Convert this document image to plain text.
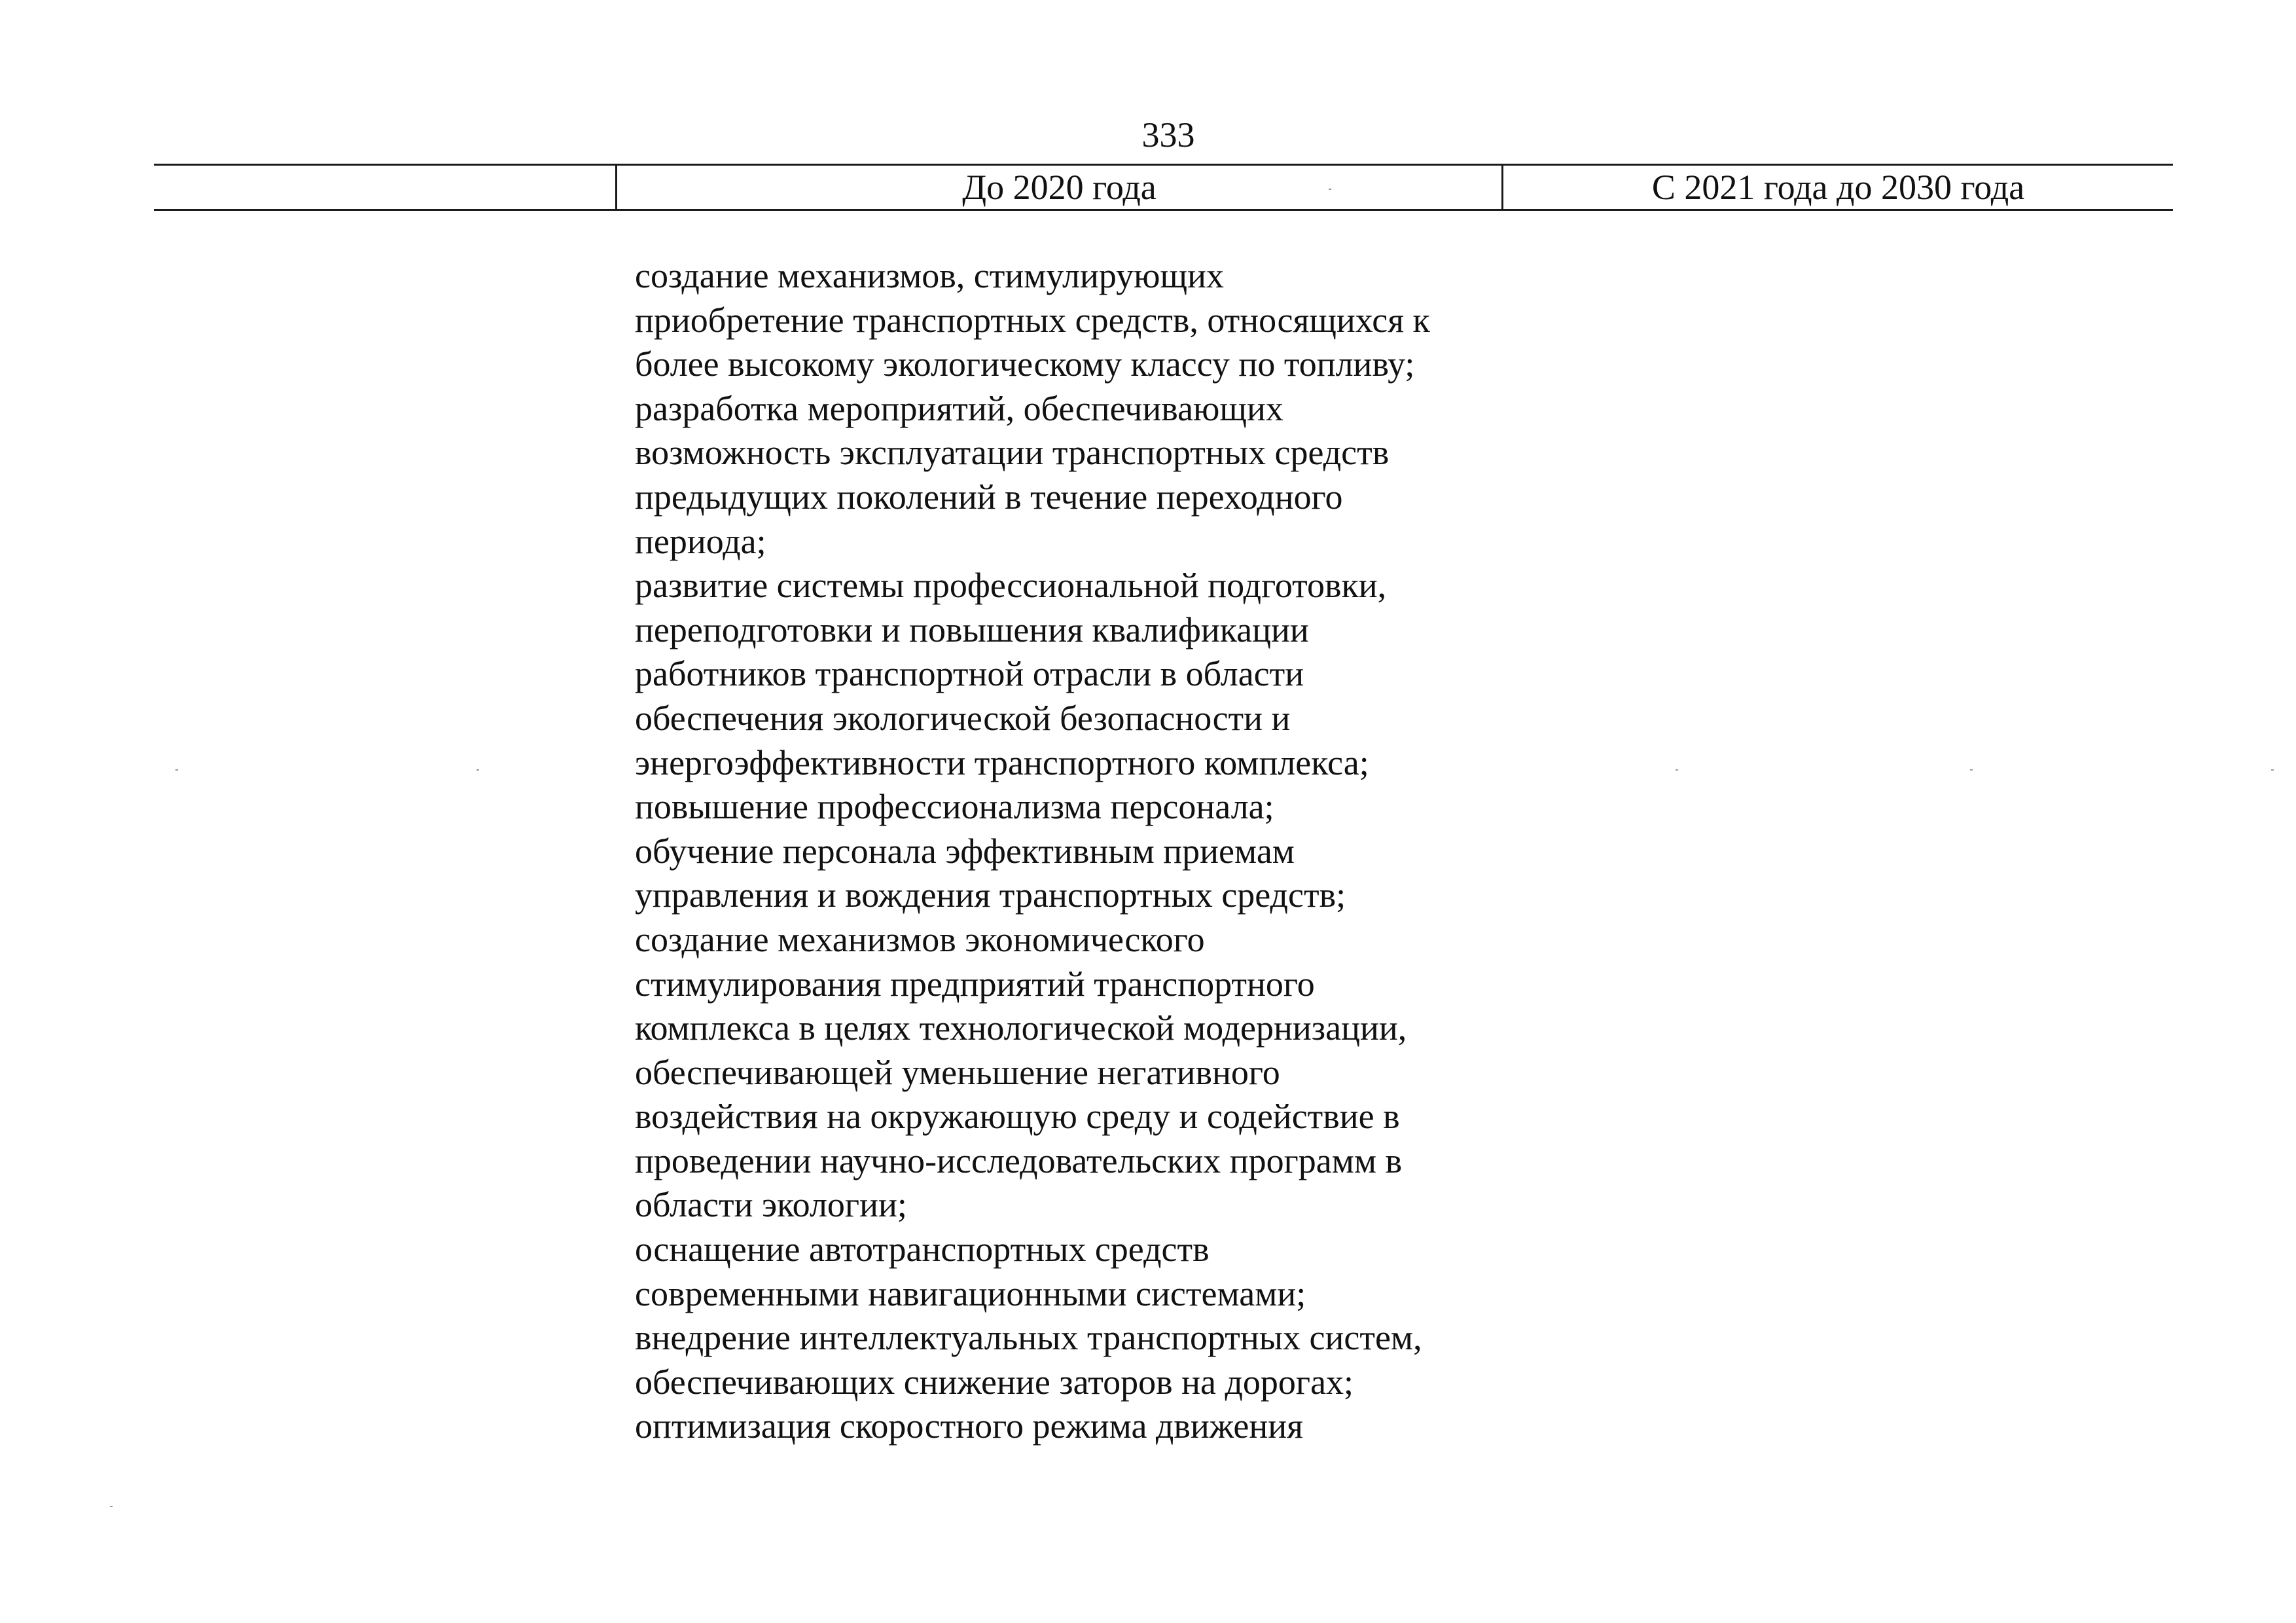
333
До 2020 года	С 2021 года до 2030 года
создание механизмов, стимулирующих
приобретение транспортных средств, относящихся к
более высокому экологическому классу по топливу;
разработка мероприятий, обеспечивающих
возможность эксплуатации транспортных средств
предыдущих поколений в течение переходного
периода;
развитие системы профессиональной подготовки,
переподготовки и повышения квалификации
работников транспортной отрасли в области
обеспечения экологической безопасности и
энергоэффективности транспортного комплекса;
повышение профессионализма персонала;
обучение персонала эффективным приемам
управления и вождения транспортных средств;
создание механизмов экономического
стимулирования предприятий транспортного
комплекса в целях технологической модернизации,
обеспечивающей уменьшение негативного
воздействия на окружающую среду и содействие в
проведении научно-исследовательских программ в
области экологии;
оснащение автотранспортных средств
современными навигационными системами;
внедрение интеллектуальных транспортных систем,
обеспечивающих снижение заторов на дорогах;
оптимизация скоростного режима движения
